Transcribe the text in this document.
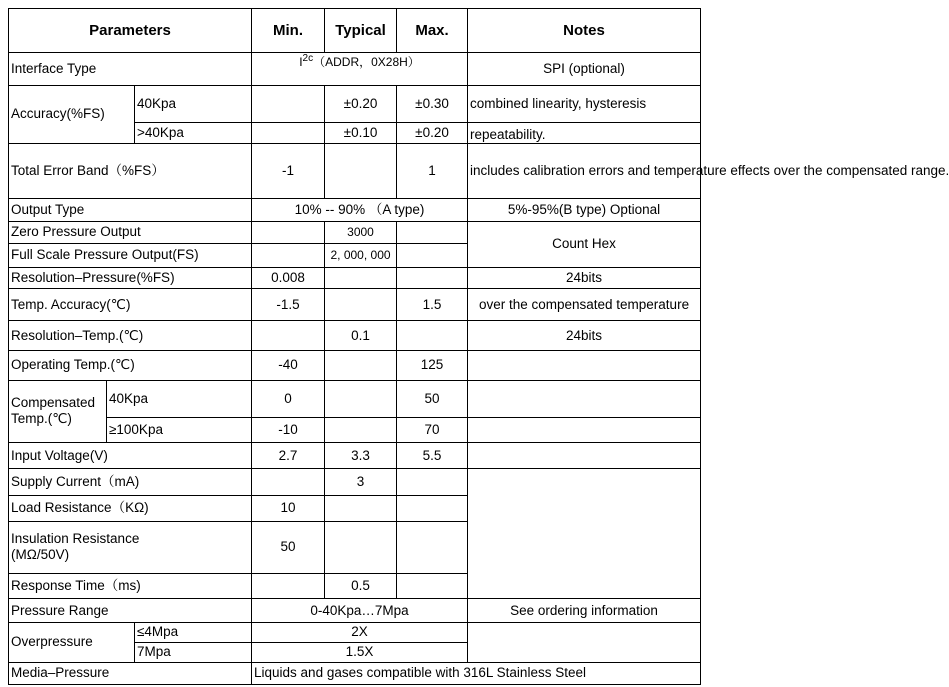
Parameters			Min.	Typical	Max.	Notes
Interface Type			$I^{2c}(ADDR$，0X28H）			SPI (optional)
Accuracy(%FS)		40Kpa		±0.20	±0.30	combined linearity, hysteresis
		>40Kpa		±0.10	±0.20	repeatability.
Total Error Band（%FS）			-1		1	includes calibration errors and temperature effects over the compensated range.
Output Type			10% -- 90% （A type)			5%-95%(B type) Optional
Zero Pressure Output				3000		Count Hex
Full Scale Pressure Output(FS)				2, 000, 000		
Resolution–Pressure(%FS)			0.008			24bits
Temp. Accuracy(℃)			-1.5		1.5	over the compensated temperature
Resolution–Temp.(℃)				0.1		24bits
Operating Temp.(℃)			-40		125	
Compensated
Temp.(℃)	40Kpa		0		50	
	≥100Kpa		-10		70	
Input Voltage(V)			2.7	3.3	5.5	
Supply Current（mA)				3		
Load Resistance（KΩ)			10			
Insulation Resistance
(MΩ/50V)			50			
Response Time（ms)				0.5		
Pressure Range			0-40Kpa…7Mpa			See ordering information
Overpressure		≤4Mpa	2X			
		7Mpa	1.5X			
Media–Pressure			Liquids and gases compatible with 316L Stainless Steel			
